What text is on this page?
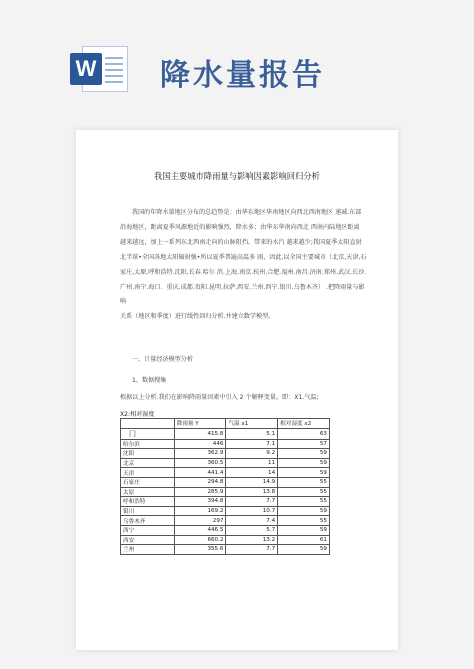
W 降水量报告
我国主要城市降雨量与影响因素影响回归分析
我国的年降水量地区分布的总趋势是：由华东地区华南地区向西北西南地区 递减.东部
沿海地区，距离夏季风源地近的影响强烈，降水多；由华东华南向西北 西南内陆地区距离
越来越远，加上一系列东北西南走向的山脉阻挡，带来的水汽 越来越少;我国夏季太阳直射
北半球•全国各地太阳辐射强•所以夏季普遍高温多 雨，因此,以全国主要城市（北京,天津,石
家庄,太原,呼和浩特.沈阳,长春.哈尔 滨.上海,南京.杭州.合肥.福州.南昌.济南.郑州.武汉.长沙.
广州.南宁.海口．重庆.成都.贵阳.昆明.拉萨.西安.兰州.西宁.银川.乌鲁木齐） .把降雨量与影响
关系（地区和季度）进行线性回归分析.并建立数学模型。
一、计量经济模型分析
1、数据搜集
根据以上分析.我们在影响降雨量因素中引入 2 个解释变量。即：X1.气温;
X2:相对湿度
	降雨量 Y	气温 x1	相对湿度 x2
冂	415.8	5.1	63
哈尔滨	446	7.1	57
沈阳	362.9	9.2	59
北京	360.5	11	59
天津	441.4	14	59
石家庄	294.8	14.9	55
太原	285.9	13.8	55
呼和浩特	394.8	7.7	55
银川	169.2	10.7	59
乌鲁木齐	297	7.4	55
西宁	446.5	5.7	59
西安	660.2	13.2	61
兰州	355.6	7.7	59
